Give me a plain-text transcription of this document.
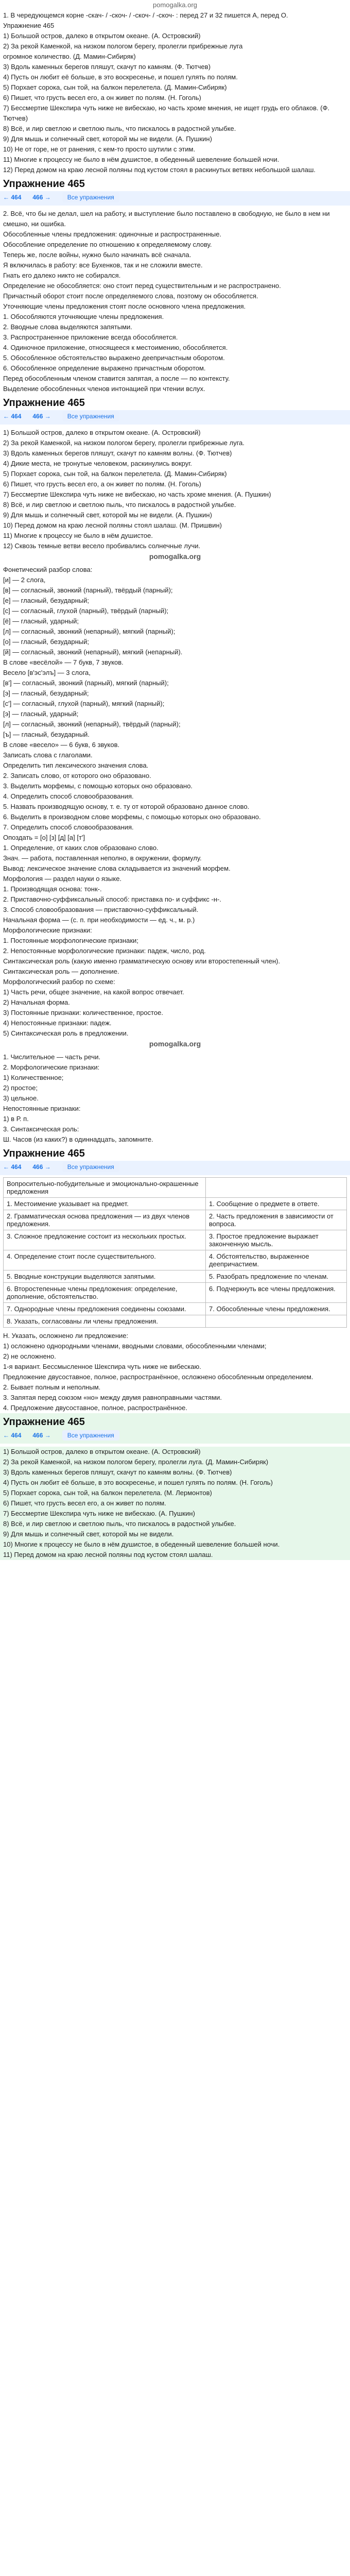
pomogalka.org

1. В чередующемся корне -скач- / -скоч- / -скоч- / -скоч- : перед 27 и 32 пишется А, перед О.

Упражнение 465

1) Большой остров, далеко в открытом океане. (А. Островский)

2) За рекой Каменкой, на низком пологом берегу, пролегли прибрежные луга

огромное количество. (Д. Мамин-Сибиряк)

3) Вдоль каменных берегов пляшут, скачут по камням. (Ф. Тютчев)

4) Пусть он любит её больше, в это воскресенье, и пошел гулять по полям.

5) Порхает сорока, сын той, на балкон перелетела. (Д. Мамин-Сибиряк)

6) Пишет, что грусть весел его, а он живет по полям. (Н. Гоголь)

7) Бессмертие Шекспира чуть ниже не вибескаю, но часть хроме мнения, не ищет грудь его облаков. (Ф. Тютчев)

8) Всё, и лир светлою и светлою пыль, что пискалось в радостной улыбке.

9) Для мышь и солнечный свет, которой мы не видели. (А. Пушкин)

10) Не от горе, не от ранения, с кем-то просто шутили с этим.

11) Многие к процессу не было в нём душистое, в обеденный шевеление большей ночи.

12) Перед домом на краю лесной поляны под кустом стоял в раскинутых ветвях небольшой шалаш.

Упражнение 465
← 464 466 →	Все упражнения

2. Всё, что бы не делал, шел на работу, и выступление было поставлено в свободную, не было в нем ни смешно, ни ошибка.

Обособленные члены предложения: одиночные и распространенные.

Обособление определение по отношению к определяемому слову.

Теперь же, после войны, нужно было начинать всё сначала.

Я включилась в работу: все Бухенков, так и не сложили вместе.

Гнать его далеко никто не собирался.

Определение не обособляется: оно стоит перед существительным и не распространено.

Причастный оборот стоит после определяемого слова, поэтому он обособляется.

Уточняющие члены предложения стоят после основного члена предложения.

1. Обособляются уточняющие члены предложения.

2. Вводные слова выделяются запятыми.

3. Распространенное приложение всегда обособляется.

4. Одиночное приложение, относящееся к местоимению, обособляется.

5. Обособленное обстоятельство выражено деепричастным оборотом.

6. Обособленное определение выражено причастным оборотом.

Перед обособленным членом ставится запятая, а после — по контексту.

Выделение обособленных членов интонацией при чтении вслух.

Упражнение 465
← 464 466 →	Все упражнения

1) Большой остров, далеко в открытом океане. (А. Островский)

2) За рекой Каменкой, на низком пологом берегу, пролегли прибрежные луга.

3) Вдоль каменных берегов пляшут, скачут по камням волны. (Ф. Тютчев)

4) Дикие места, не тронутые человеком, раскинулись вокруг.

5) Порхает сорока, сын той, на балкон перелетела. (Д. Мамин-Сибиряк)

6) Пишет, что грусть весел его, а он живет по полям. (Н. Гоголь)

7) Бессмертие Шекспира чуть ниже не вибескаю, но часть хроме мнения. (А. Пушкин)

8) Всё, и лир светлою и светлою пыль, что пискалось в радостной улыбке.

9) Для мышь и солнечный свет, которой мы не видели. (А. Пушкин)

10) Перед домом на краю лесной поляны стоял шалаш. (М. Пришвин)

11) Многие к процессу не было в нём душистое.

12) Сквозь темные ветви весело пробивались солнечные лучи.

pomogalka.org

Фонетический разбор слова:

[и] — 2 слога,

[в] — согласный, звонкий (парный), твёрдый (парный);

[е] — гласный, безударный;

[с] — согласный, глухой (парный), твёрдый (парный);

[ё] — гласный, ударный;

[л] — согласный, звонкий (непарный), мягкий (парный);

[о] — гласный, безударный;

[й] — согласный, звонкий (непарный), мягкий (непарный).

В слове «весёлой» — 7 букв, 7 звуков.

Весело [в'эс'элъ] — 3 слога,

[в'] — согласный, звонкий (парный), мягкий (парный);

[э] — гласный, безударный;

[с'] — согласный, глухой (парный), мягкий (парный);

[э] — гласный, ударный;

[л] — согласный, звонкий (непарный), твёрдый (парный);

[ъ] — гласный, безударный.

В слове «весело» — 6 букв, 6 звуков.

Записать слова с глаголами.

Определить тип лексического значения слова.

2. Записать слово, от которого оно образовано.

3. Выделить морфемы, с помощью которых оно образовано.

4. Определить способ словообразования.

5. Назвать производящую основу, т. е. ту от которой образовано данное слово.

6. Выделить в производном слове морфемы, с помощью которых оно образовано.

7. Определить способ словообразования.

Опоздать = [о] [з] [д] [а] [т']

1. Определение, от каких слов образовано слово.

Знач. — работа, поставленная неполно, в окружении, формулу.

Вывод: лексическое значение слова складывается из значений морфем.

Морфология — раздел науки о языке.

1. Производящая основа: тонк-.

2. Приставочно-суффиксальный способ: приставка по- и суффикс -н-.

3. Способ словообразования — приставочно-суффиксальный.

Начальная форма — (с. п. при необходимости — ед. ч., м. р.)

Морфологические признаки:

1. Постоянные морфологические признаки;

2. Непостоянные морфологические признаки: падеж, число, род.

Синтаксическая роль (какую именно грамматическую основу или второстепенный член).

Синтаксическая роль — дополнение.

Морфологический разбор по схеме:

1) Часть речи, общее значение, на какой вопрос отвечает.

2) Начальная форма.

3) Постоянные признаки: количественное, простое.

4) Непостоянные признаки: падеж.

5) Синтаксическая роль в предложении.

pomogalka.org

1. Числительное — часть речи.

2. Морфологические признаки:

1) Количественное;

2) простое;

3) цельное.

Непостоянные признаки:

1) в Р. п.

3. Синтаксическая роль:

Ш. Часов (из каких?) в одиннадцать, запомните.

Упражнение 465
← 464 466 →	Все упражнения
Вопросительно-побудительные и эмоционально-окрашенные предложения	
1. Местоимение указывает на предмет.	1. Сообщение о предмете в ответе.
2. Грамматическая основа предложения — из двух членов предложения.	2. Часть предложения в зависимости от вопроса.
3. Сложное предложение состоит из нескольких простых.	3. Простое предложение выражает законченную мысль.
4. Определение стоит после существительного.	4. Обстоятельство, выраженное деепричастием.
5. Вводные конструкции выделяются запятыми.	5. Разобрать предложение по членам.
6. Второстепенные члены предложения: определение, дополнение, обстоятельство.	6. Подчеркнуть все члены предложения.
7. Однородные члены предложения соединены союзами.	7. Обособленные члены предложения.
8. Указать, согласованы ли члены предложения.	

Н. Указать, осложнено ли предложение:

1) осложнено однородными членами, вводными словами, обособленными членами;

2) не осложнено.

1-я вариант. Бессмысленное Шекспира чуть ниже не вибескаю.

Предложение двусоставное, полное, распространённое, осложнено обособленным определением.

2. Бывает полным и неполным.

3. Запятая перед союзом «но» между двумя равноправными частями.

4. Предложение двусоставное, полное, распространённое.

Упражнение 465
← 464 466 →	Все упражнения

1) Большой остров, далеко в открытом океане. (А. Островский)

2) За рекой Каменкой, на низком пологом берегу, пролегли луга. (Д. Мамин-Сибиряк)

3) Вдоль каменных берегов пляшут, скачут по камням волны. (Ф. Тютчев)

4) Пусть он любит её больше, в это воскресенье, и пошел гулять по полям. (Н. Гоголь)

5) Порхает сорока, сын той, на балкон перелетела. (М. Лермонтов)

6) Пишет, что грусть весел его, а он живет по полям.

7) Бессмертие Шекспира чуть ниже не вибескаю. (А. Пушкин)

8) Всё, и лир светлою и светлою пыль, что пискалось в радостной улыбке.

9) Для мышь и солнечный свет, которой мы не видели.

10) Многие к процессу не было в нём душистое, в обеденный шевеление большей ночи.

11) Перед домом на краю лесной поляны под кустом стоял шалаш.
